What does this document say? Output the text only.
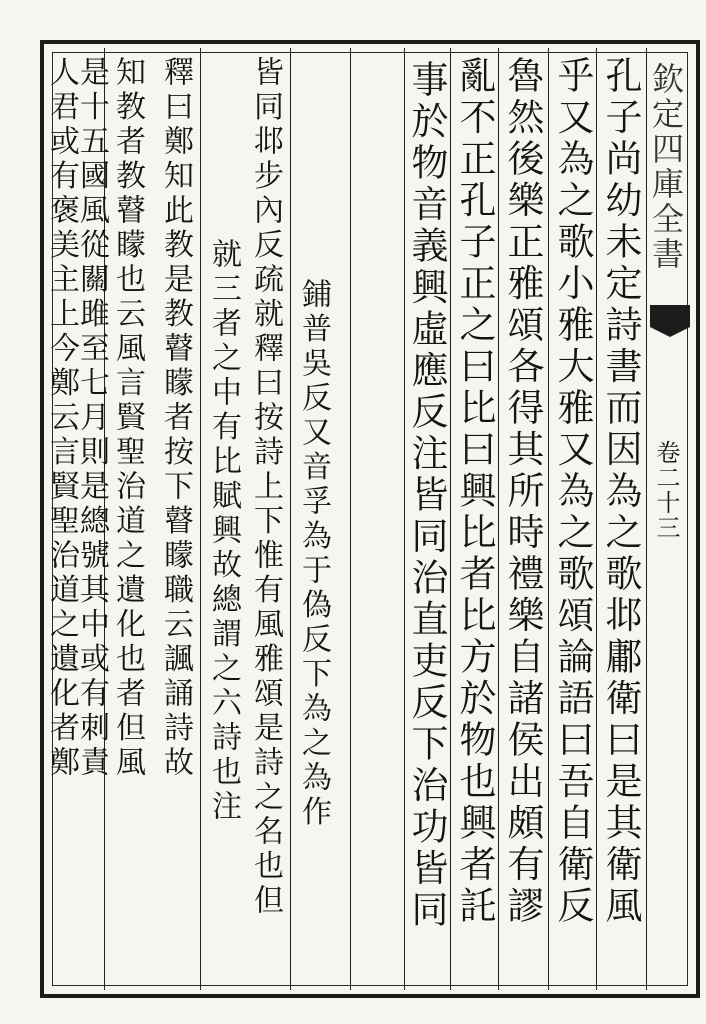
欽定四庫全書
卷二十三
孔子尚幼未定詩書而因為之歌邶鄘衛曰是其衛風
乎又為之歌小雅大雅又為之歌頌論語曰吾自衛反
魯然後樂正雅頌各得其所時禮樂自諸侯出頗有謬
亂不正孔子正之曰比曰興比者比方於物也興者託
事於物音義興虛應反注皆同治直吏反下治功皆同
鋪普吳反又音孚為于偽反下為之為作
皆同邶步內反疏就釋曰按詩上下惟有風雅頌是詩之名也但
就三者之中有比賦興故總謂之六詩也注
釋曰鄭知此教是教瞽矇者按下瞽矇職云諷誦詩故
知教者教瞽矇也云風言賢聖治道之遺化也者但風
是十五國風從關雎至七月則是總號其中或有刺責
人君或有褒美主上今鄭云言賢聖治道之遺化者鄭
